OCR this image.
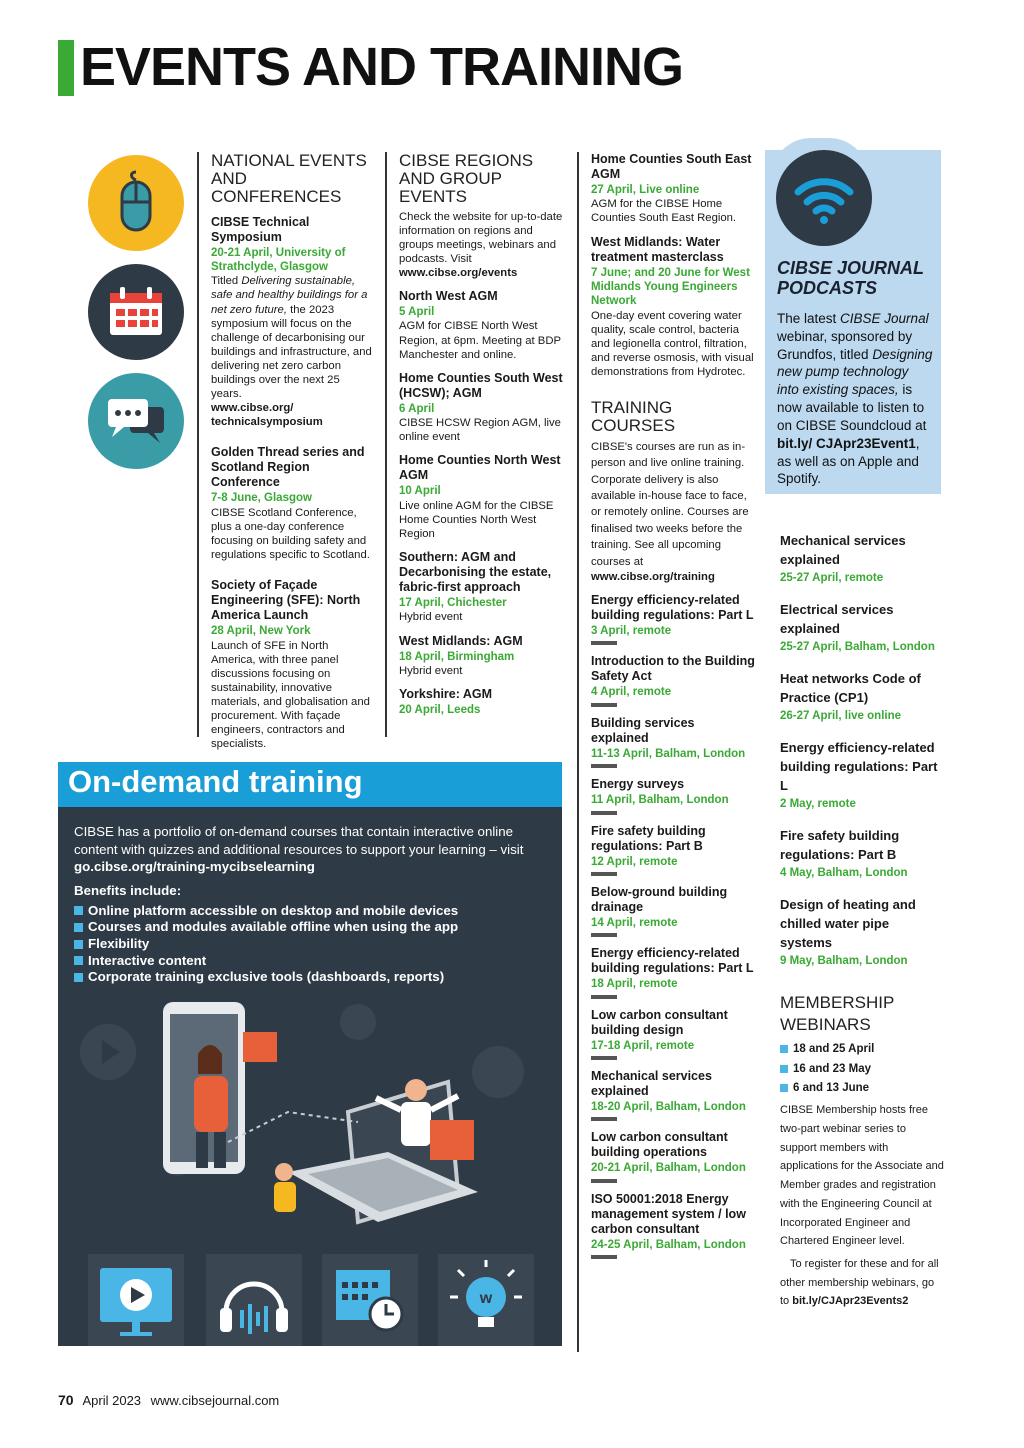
EVENTS AND TRAINING
NATIONAL EVENTS AND CONFERENCES
CIBSE Technical Symposium
20-21 April, University of Strathclyde, Glasgow
Titled Delivering sustainable, safe and healthy buildings for a net zero future, the 2023 symposium will focus on the challenge of decarbonising our buildings and infrastructure, and delivering net zero carbon buildings over the next 25 years.
www.cibse.org/ technicalsymposium
Golden Thread series and Scotland Region Conference
7-8 June, Glasgow
CIBSE Scotland Conference, plus a one-day conference focusing on building safety and regulations specific to Scotland.
Society of Façade Engineering (SFE): North America Launch
28 April, New York
Launch of SFE in North America, with three panel discussions focusing on sustainability, innovative materials, and globalisation and procurement. With façade engineers, contractors and specialists.
CIBSE REGIONS AND GROUP EVENTS
Check the website for up-to-date information on regions and groups meetings, webinars and podcasts. Visit
www.cibse.org/events
North West AGM
5 April
AGM for CIBSE North West Region, at 6pm. Meeting at BDP Manchester and online.
Home Counties South West (HCSW); AGM
6 April
CIBSE HCSW Region AGM, live online event
Home Counties North West AGM
10 April
Live online AGM for the CIBSE Home Counties North West Region
Southern: AGM and Decarbonising the estate, fabric-first approach
17 April, Chichester
Hybrid event
West Midlands: AGM
18 April, Birmingham
Hybrid event
Yorkshire: AGM
20 April, Leeds
Home Counties South East AGM
27 April, Live online
AGM for the CIBSE Home Counties South East Region.
West Midlands: Water treatment masterclass
7 June; and 20 June for West Midlands Young Engineers Network
One-day event covering water quality, scale control, bacteria and legionella control, filtration, and reverse osmosis, with visual demonstrations from Hydrotec.
TRAINING COURSES
CIBSE's courses are run as in-person and live online training. Corporate delivery is also available in-house face to face, or remotely online. Courses are finalised two weeks before the training. See all upcoming courses at
www.cibse.org/training
Energy efficiency-related building regulations: Part L
3 April, remote
Introduction to the Building Safety Act
4 April, remote
Building services explained
11-13 April, Balham, London
Energy surveys
11 April, Balham, London
Fire safety building regulations: Part B
12 April, remote
Below-ground building drainage
14 April, remote
Energy efficiency-related building regulations: Part L
18 April, remote
Low carbon consultant building design
17-18 April, remote
Mechanical services explained
18-20 April, Balham, London
Low carbon consultant building operations
20-21 April, Balham, London
ISO 50001:2018 Energy management system / low carbon consultant
24-25 April, Balham, London
CIBSE JOURNAL PODCASTS
The latest CIBSE Journal webinar, sponsored by Grundfos, titled Designing new pump technology into existing spaces, is now available to listen to on CIBSE Soundcloud at bit.ly/ CJApr23Event1, as well as on Apple and Spotify.
Mechanical services explained
25-27 April, remote
Electrical services explained
25-27 April, Balham, London
Heat networks Code of Practice (CP1)
26-27 April, live online
Energy efficiency-related building regulations: Part L
2 May, remote
Fire safety building regulations: Part B
4 May, Balham, London
Design of heating and chilled water pipe systems
9 May, Balham, London
MEMBERSHIP WEBINARS
18 and 25 April
16 and 23 May
6 and 13 June
CIBSE Membership hosts free two-part webinar series to support members with applications for the Associate and Member grades and registration with the Engineering Council at Incorporated Engineer and Chartered Engineer level.
To register for these and for all other membership webinars, go to bit.ly/CJApr23Events2
On-demand training
CIBSE has a portfolio of on-demand courses that contain interactive online content with quizzes and additional resources to support your learning – visit go.cibse.org/training-mycibselearning
Benefits include:
Online platform accessible on desktop and mobile devices
Courses and modules available offline when using the app
Flexibility
Interactive content
Corporate training exclusive tools (dashboards, reports)
w
70 April 2023 www.cibsejournal.com
